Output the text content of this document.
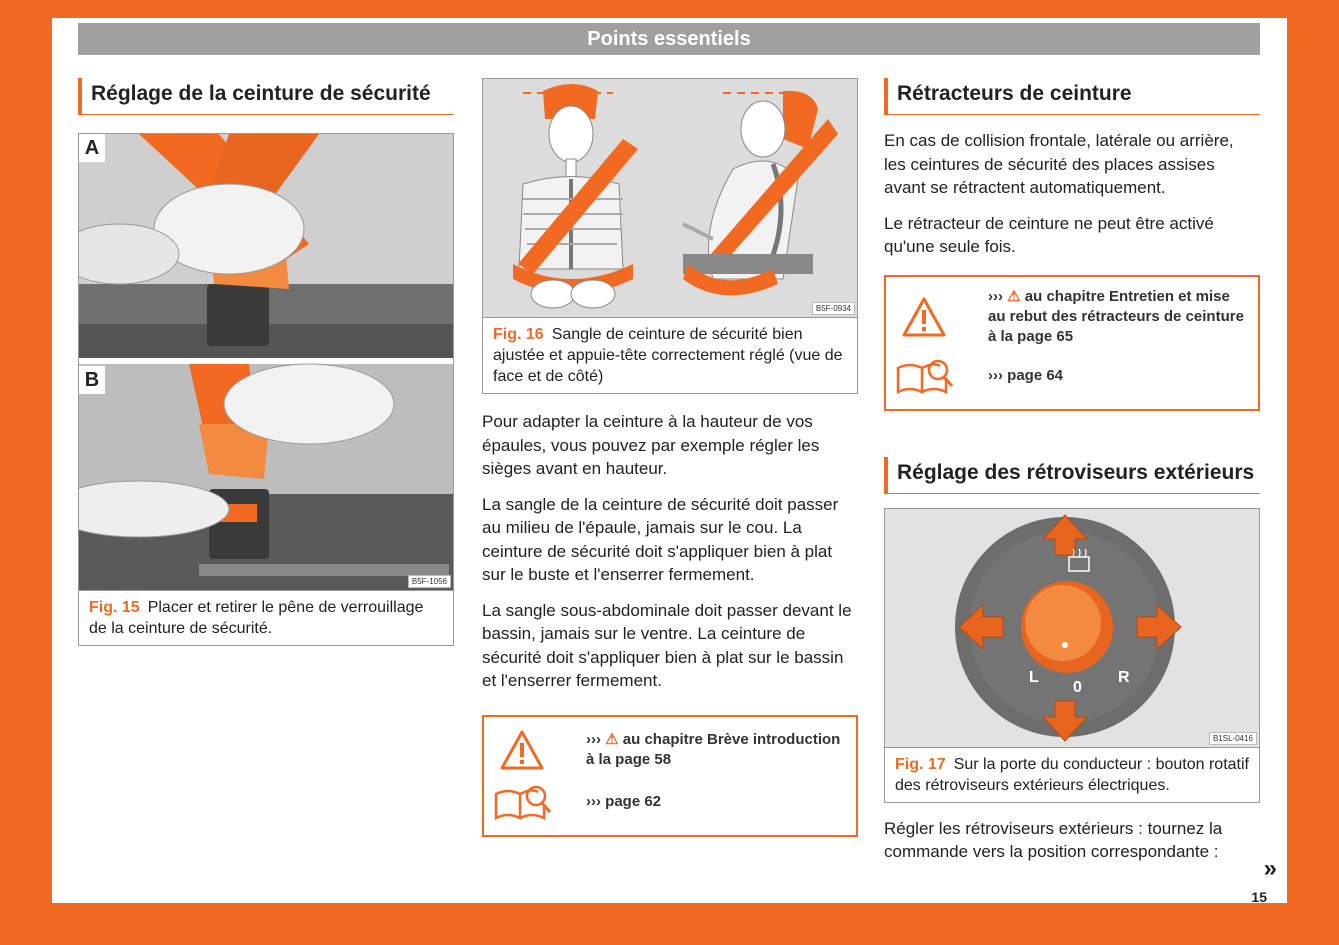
Points essentiels
Réglage de la ceinture de sécurité
A
B
B5F-1056
Fig. 15 Placer et retirer le pêne de verrouillage de la ceinture de sécurité.
B5F-0934
Fig. 16 Sangle de ceinture de sécurité bien ajustée et appuie-tête correctement réglé (vue de face et de côté)

Pour adapter la ceinture à la hauteur de vos épaules, vous pouvez par exemple régler les sièges avant en hauteur.

La sangle de la ceinture de sécurité doit passer au milieu de l'épaule, jamais sur le cou. La ceinture de sécurité doit s'appliquer bien à plat sur le buste et l'enserrer fermement.

La sangle sous-abdominale doit passer devant le bassin, jamais sur le ventre. La ceinture de sécurité doit s'appliquer bien à plat sur le bassin et l'enserrer fermement.

››› ⚠ au chapitre Brève introduction à la page 58
››› page 62
Rétracteurs de ceinture

En cas de collision frontale, latérale ou arrière, les ceintures de sécurité des places assises avant se rétractent automatiquement.

Le rétracteur de ceinture ne peut être activé qu'une seule fois.

››› ⚠ au chapitre Entretien et mise au rebut des rétracteurs de ceinture à la page 65
››› page 64
Réglage des rétroviseurs extérieurs
L
0
R
B1SL-0416
Fig. 17 Sur la porte du conducteur : bouton rotatif des rétroviseurs extérieurs électriques.

Régler les rétroviseurs extérieurs : tournez la commande vers la position correspondante :

»
15
